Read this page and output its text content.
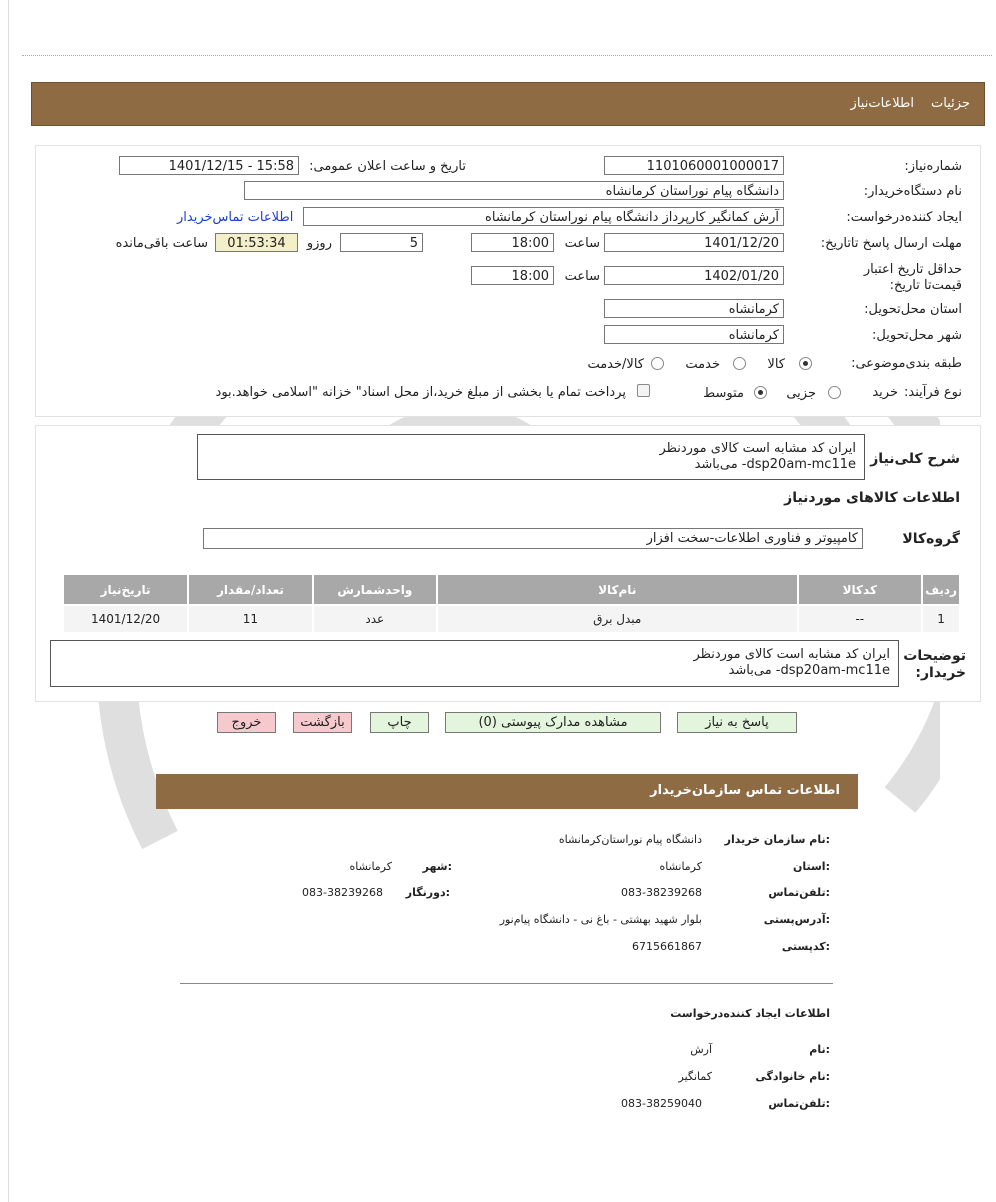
جزئیات
اطلاعات‌نیاز
شماره‌نیاز:
1101060001000017
تاریخ و ساعت اعلان عمومی:
1401/12/15 - 15:58
نام دستگاه‌خریدار:
دانشگاه پیام نوراستان کرمانشاه
ایجاد کننده‌درخواست:
آرش کمانگیر کارپرداز دانشگاه پیام نوراستان کرمانشاه
اطلاعات تماس‌خریدار
مهلت ارسال پاسخ تا‌تاریخ:
1401/12/20
ساعت
18:00
5
روزو
01:53:34
ساعت باقی‌مانده
حداقل تاریخ اعتبار قیمت‌تا تاریخ:
1402/01/20
ساعت
18:00
استان محل‌تحویل:
کرمانشاه
شهر محل‌تحویل:
کرمانشاه
طبقه بندی‌موضوعی:
کالا
خدمت
کالا/خدمت
نوع فرآیند:
خرید
جزیی
متوسط
پرداخت تمام یا بخشی از مبلغ خرید،از محل اسناد" خزانه "اسلامی خواهد.بود
شرح کلی‌نیاز
ایران کد مشابه است کالای موردنظر
dsp20am-mc11e- می‌باشد
اطلاعات کالاهای موردنیاز
گروه‌کالا
کامپیوتر و فناوری اطلاعات-سخت افزار
ردیف	کدکالا	نام‌کالا	واحدشمارش	تعداد/مقدار	تاریخ‌نیاز
1	--	مبدل برق	عدد	11	1401/12/20
توضیحات خریدار:
ایران کد مشابه است کالای موردنظر
dsp20am-mc11e- می‌باشد
پاسخ به نیاز
مشاهده مدارک پیوستی (0)
چاپ
بازگشت
خروج
اطلاعات تماس سازمان‌خریدار
نام سازمان خریدار:
دانشگاه پیام نوراستان‌کرمانشاه
استان:
کرمانشاه
شهر:
کرمانشاه
تلفن‌تماس:
083-38239268
دورنگار:
083-38239268
آدرس‌پستی:
بلوار شهید بهشتی - باغ نی - دانشگاه پیام‌نور
کدپستی:
6715661867
اطلاعات ایجاد کننده‌درخواست
نام:
آرش
نام خانوادگی:
کمانگیر
تلفن‌تماس:
083-38259040
